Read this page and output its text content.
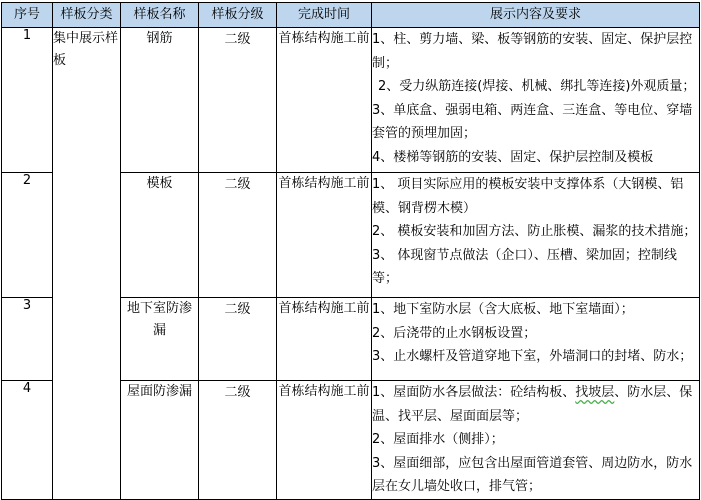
序号	样板分类	样板名称	样板分级	完成时间	展示内容及要求
1	集中展示样板	钢筋	二级	首栋结构施工前	1、柱、剪力墙、梁、板等钢筋的安装、固定、保护层控制；
2、受力纵筋连接(焊接、机械、绑扎等连接)外观质量；
3、单底盒、强弱电箱、两连盒、三连盒、等电位、穿墙套管的预埋加固；
4、楼梯等钢筋的安装、固定、保护层控制及模板

2		模板	二级	首栋结构施工前	1、 项目实际应用的模板安装中支撑体系（大钢模、铝模、钢背楞木模）
2、 模板安装和加固方法、防止胀模、漏浆的技术措施；
3、 体现窗节点做法（企口）、压槽、梁加固；控制线等；

3		地下室防渗漏	二级	首栋结构施工前	1、地下室防水层（含大底板、地下室墙面）；
2、后浇带的止水钢板设置；
3、止水螺杆及管道穿地下室，外墙洞口的封堵、防水；

4		屋面防渗漏	二级	首栋结构施工前	1、屋面防水各层做法：砼结构板、找坡层、防水层、保温、找平层、屋面面层等；
2、屋面排水（侧排）；
3、屋面细部，应包含出屋面管道套管、周边防水，防水层在女儿墙处收口，排气管；
